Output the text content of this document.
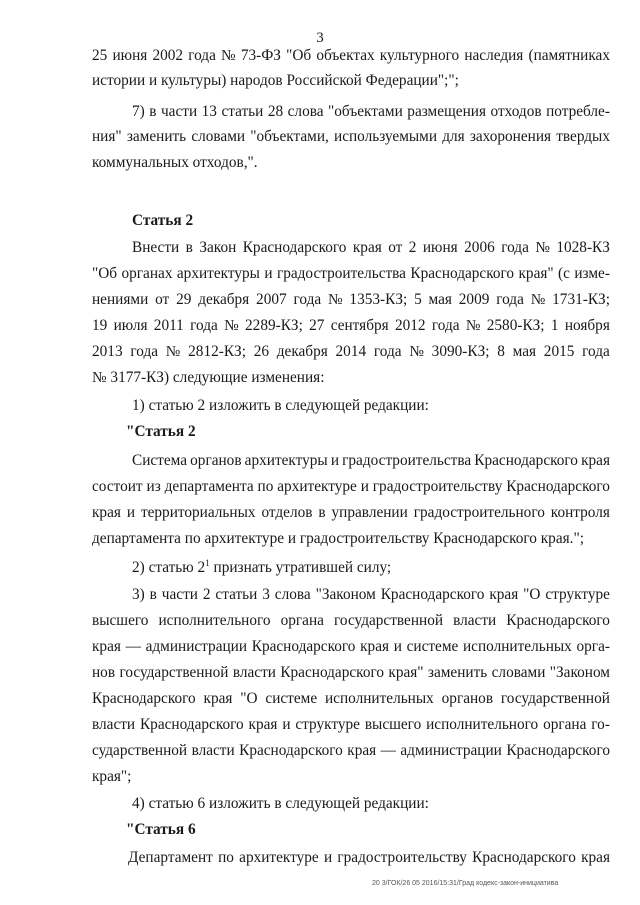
3
25 июня 2002 года № 73-ФЗ "Об объектах культурного наследия (памятниках
истории и культуры) народов Российской Федерации";";
7) в части 13 статьи 28 слова "объектами размещения отходов потребле-
ния" заменить словами "объектами, используемыми для захоронения твердых
коммунальных отходов,".
Статья 2
Внести в Закон Краснодарского края от 2 июня 2006 года № 1028-КЗ
"Об органах архитектуры и градостроительства Краснодарского края" (с изме-
нениями от 29 декабря 2007 года № 1353-КЗ; 5 мая 2009 года № 1731-КЗ;
19 июля 2011 года № 2289-КЗ; 27 сентября 2012 года № 2580-КЗ; 1 ноября
2013 года № 2812-КЗ; 26 декабря 2014 года № 3090-КЗ; 8 мая 2015 года
№ 3177-КЗ) следующие изменения:
1) статью 2 изложить в следующей редакции:
"Статья 2
Система органов архитектуры и градостроительства Краснодарского края
состоит из департамента по архитектуре и градостроительству Краснодарского
края и территориальных отделов в управлении градостроительного контроля
департамента по архитектуре и градостроительству Краснодарского края.";
2) статью $2^1$ признать утратившей силу;
3) в части 2 статьи 3 слова "Законом Краснодарского края "О структуре
высшего исполнительного органа государственной власти Краснодарского
края — администрации Краснодарского края и системе исполнительных орга-
нов государственной власти Краснодарского края" заменить словами "Законом
Краснодарского края "О системе исполнительных органов государственной
власти Краснодарского края и структуре высшего исполнительного органа го-
сударственной власти Краснодарского края — администрации Краснодарского
края";
4) статью 6 изложить в следующей редакции:
"Статья 6
Департамент по архитектуре и градостроительству Краснодарского края
20 3/ГОК/26 05 2016/15:31/Град кодекс-закон-инициатива
